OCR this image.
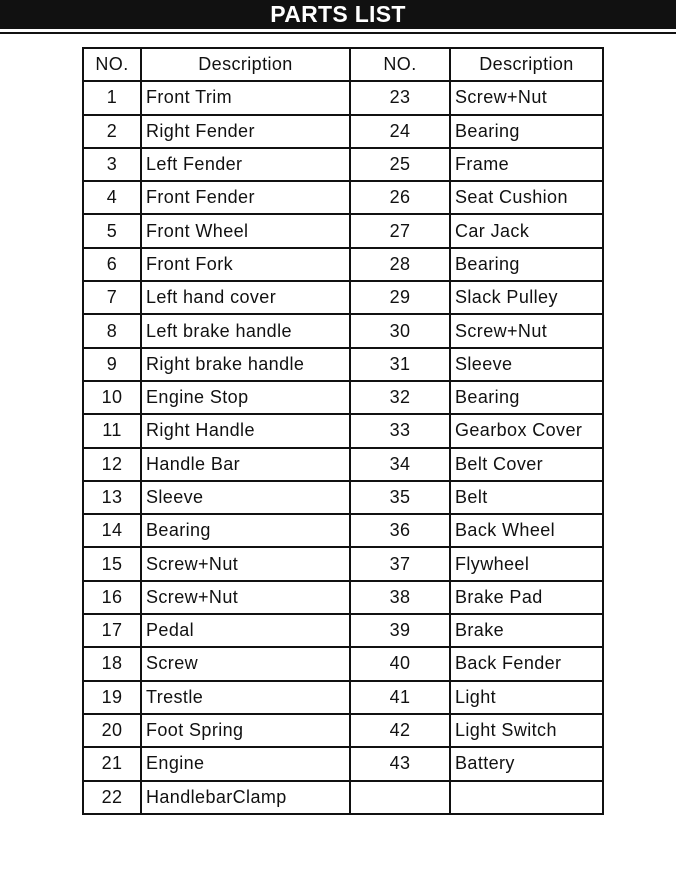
PARTS LIST
NO.	Description	NO.	Description
1	Front Trim	23	Screw+Nut
2	Right Fender	24	Bearing
3	Left Fender	25	Frame
4	Front Fender	26	Seat Cushion
5	Front Wheel	27	Car Jack
6	Front Fork	28	Bearing
7	Left hand cover	29	Slack Pulley
8	Left brake handle	30	Screw+Nut
9	Right brake handle	31	Sleeve
10	Engine Stop	32	Bearing
11	Right Handle	33	Gearbox Cover
12	Handle Bar	34	Belt Cover
13	Sleeve	35	Belt
14	Bearing	36	Back Wheel
15	Screw+Nut	37	Flywheel
16	Screw+Nut	38	Brake Pad
17	Pedal	39	Brake
18	Screw	40	Back Fender
19	Trestle	41	Light
20	Foot Spring	42	Light Switch
21	Engine	43	Battery
22	HandlebarClamp		
